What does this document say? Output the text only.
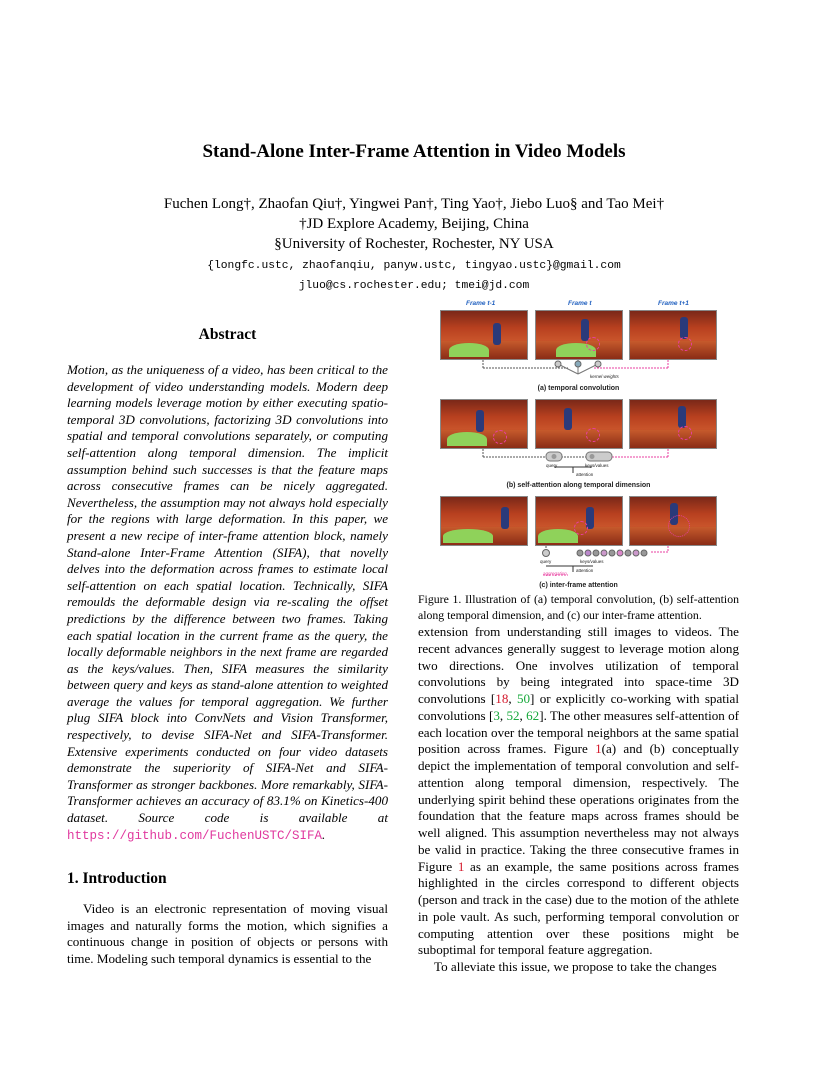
Stand-Alone Inter-Frame Attention in Video Models
Fuchen Long†, Zhaofan Qiu†, Yingwei Pan†, Ting Yao†, Jiebo Luo§ and Tao Mei†
†JD Explore Academy, Beijing, China
§University of Rochester, Rochester, NY USA
{longfc.ustc, zhaofanqiu, panyw.ustc, tingyao.ustc}@gmail.com
jluo@cs.rochester.edu; tmei@jd.com
Abstract
Motion, as the uniqueness of a video, has been critical to the development of video understanding models. Modern deep learning models leverage motion by either executing spatio-temporal 3D convolutions, factorizing 3D convolutions into spatial and temporal convolutions separately, or computing self-attention along temporal dimension. The implicit assumption behind such successes is that the feature maps across consecutive frames can be nicely aggregated. Nevertheless, the assumption may not always hold especially for the regions with large deformation. In this paper, we present a new recipe of inter-frame attention block, namely Stand-alone Inter-Frame Attention (SIFA), that novelly delves into the deformation across frames to estimate local self-attention on each spatial location. Technically, SIFA remoulds the deformable design via re-scaling the offset predictions by the difference between two frames. Taking each spatial location in the current frame as the query, the locally deformable neighbors in the next frame are regarded as the keys/values. Then, SIFA measures the similarity between query and keys as stand-alone attention to weighted average the values for temporal aggregation. We further plug SIFA block into ConvNets and Vision Transformer, respectively, to devise SIFA-Net and SIFA-Transformer. Extensive experiments conducted on four video datasets demonstrate the superiority of SIFA-Net and SIFA-Transformer as stronger backbones. More remarkably, SIFA-Transformer achieves an accuracy of 83.1% on Kinetics-400 dataset. Source code is available at https://github.com/FuchenUSTC/SIFA.
1. Introduction

Video is an electronic representation of moving visual images and naturally forms the motion, which signifies a continuous change in position of objects or persons with time. Modeling such temporal dynamics is essential to the

Frame t-1	Frame t	Frame t+1
kernel weights
(a) temporal convolution
query	keys/values
attention
(b) self-attention along temporal dimension
query	keys/values
attention
aggregation
(c) inter-frame attention
Figure 1. Illustration of (a) temporal convolution, (b) self-attention along temporal dimension, and (c) our inter-frame attention.

extension from understanding still images to videos. The recent advances generally suggest to leverage motion along two directions. One involves utilization of temporal convolutions by being integrated into space-time 3D convolutions [18, 50] or explicitly co-working with spatial convolutions [3, 52, 62]. The other measures self-attention of each location over the temporal neighbors at the same spatial position across frames. Figure 1(a) and (b) conceptually depict the implementation of temporal convolution and self-attention along temporal dimension, respectively. The underlying spirit behind these operations originates from the foundation that the feature maps across frames should be well aligned. This assumption nevertheless may not always be valid in practice. Taking the three consecutive frames in Figure 1 as an example, the same positions across frames highlighted in the circles correspond to different objects (person and track in the case) due to the motion of the athlete in pole vault. As such, performing temporal convolution or computing attention over these positions might be suboptimal for temporal feature aggregation.

To alleviate this issue, we propose to take the changes
